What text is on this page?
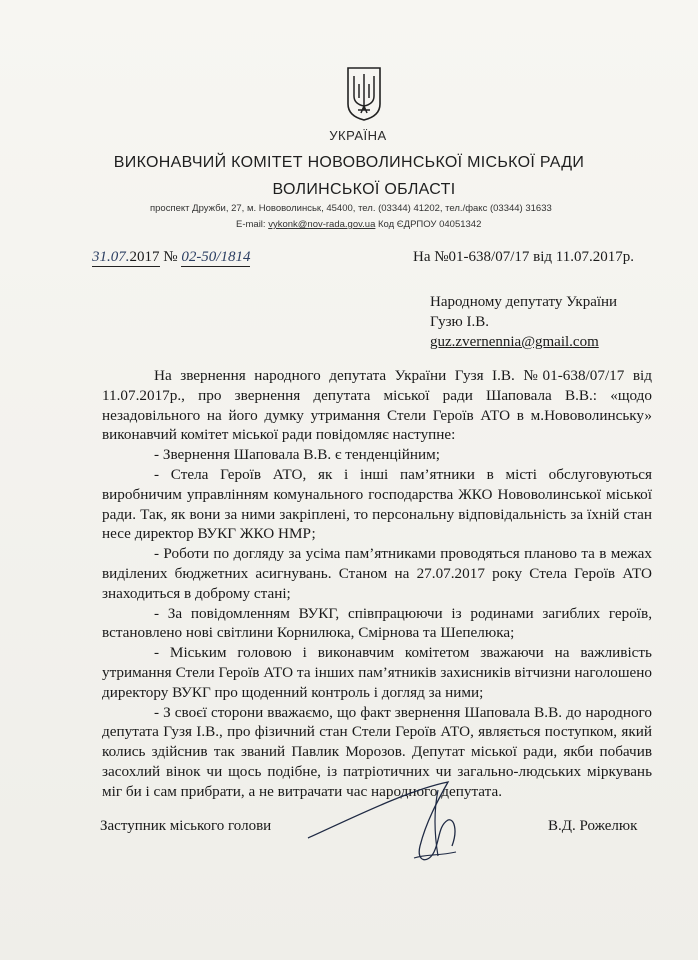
УКРАЇНА
ВИКОНАВЧИЙ КОМІТЕТ НОВОВОЛИНСЬКОЇ МІСЬКОЇ РАДИ
ВОЛИНСЬКОЇ ОБЛАСТІ
проспект Дружби, 27, м. Нововолинськ, 45400, тел. (03344) 41202, тел./факс (03344) 31633
E-mail: vykonk@nov-rada.gov.ua Код ЄДРПОУ 04051342
31.07.2017 № 02-50/1814	На №01-638/07/17 від 11.07.2017р.
Народному депутату України
Гузю І.В.
guz.zvernennia@gmail.com

На звернення народного депутата України Гузя І.В. №01-638/07/17 від 11.07.2017р., про звернення депутата міської ради Шаповала В.В.: «щодо незадовільного на його думку утримання Стели Героїв АТО в м.Нововолинську» виконавчий комітет міської ради повідомляє наступне:

- Звернення Шаповала В.В. є тенденційним;

- Стела Героїв АТО, як і інші пам’ятники в місті обслуговуються виробничим управлінням комунального господарства ЖКО Нововолинської міської ради. Так, як вони за ними закріплені, то персональну відповідальність за їхній стан несе директор ВУКГ ЖКО НМР;

- Роботи по догляду за усіма пам’ятниками проводяться планово та в межах виділених бюджетних асигнувань. Станом на 27.07.2017 року Стела Героїв АТО знаходиться в доброму стані;

- За повідомленням ВУКГ, співпрацюючи із родинами загиблих героїв, встановлено нові світлини Корнилюка, Смірнова та Шепелюка;

- Міським головою і виконавчим комітетом зважаючи на важливість утримання Стели Героїв АТО та інших пам’ятників захисників вітчизни наголошено директору ВУКГ про щоденний контроль і догляд за ними;

- З своєї сторони вважаємо, що факт звернення Шаповала В.В. до народного депутата Гузя І.В., про фізичний стан Стели Героїв АТО, являється поступком, який колись здійснив так званий Павлик Морозов. Депутат міської ради, якби побачив засохлий вінок чи щось подібне, із патріотичних чи загально-людських міркувань міг би і сам прибрати, а не витрачати час народного депутата.

Заступник міського голови	В.Д. Рожелюк
